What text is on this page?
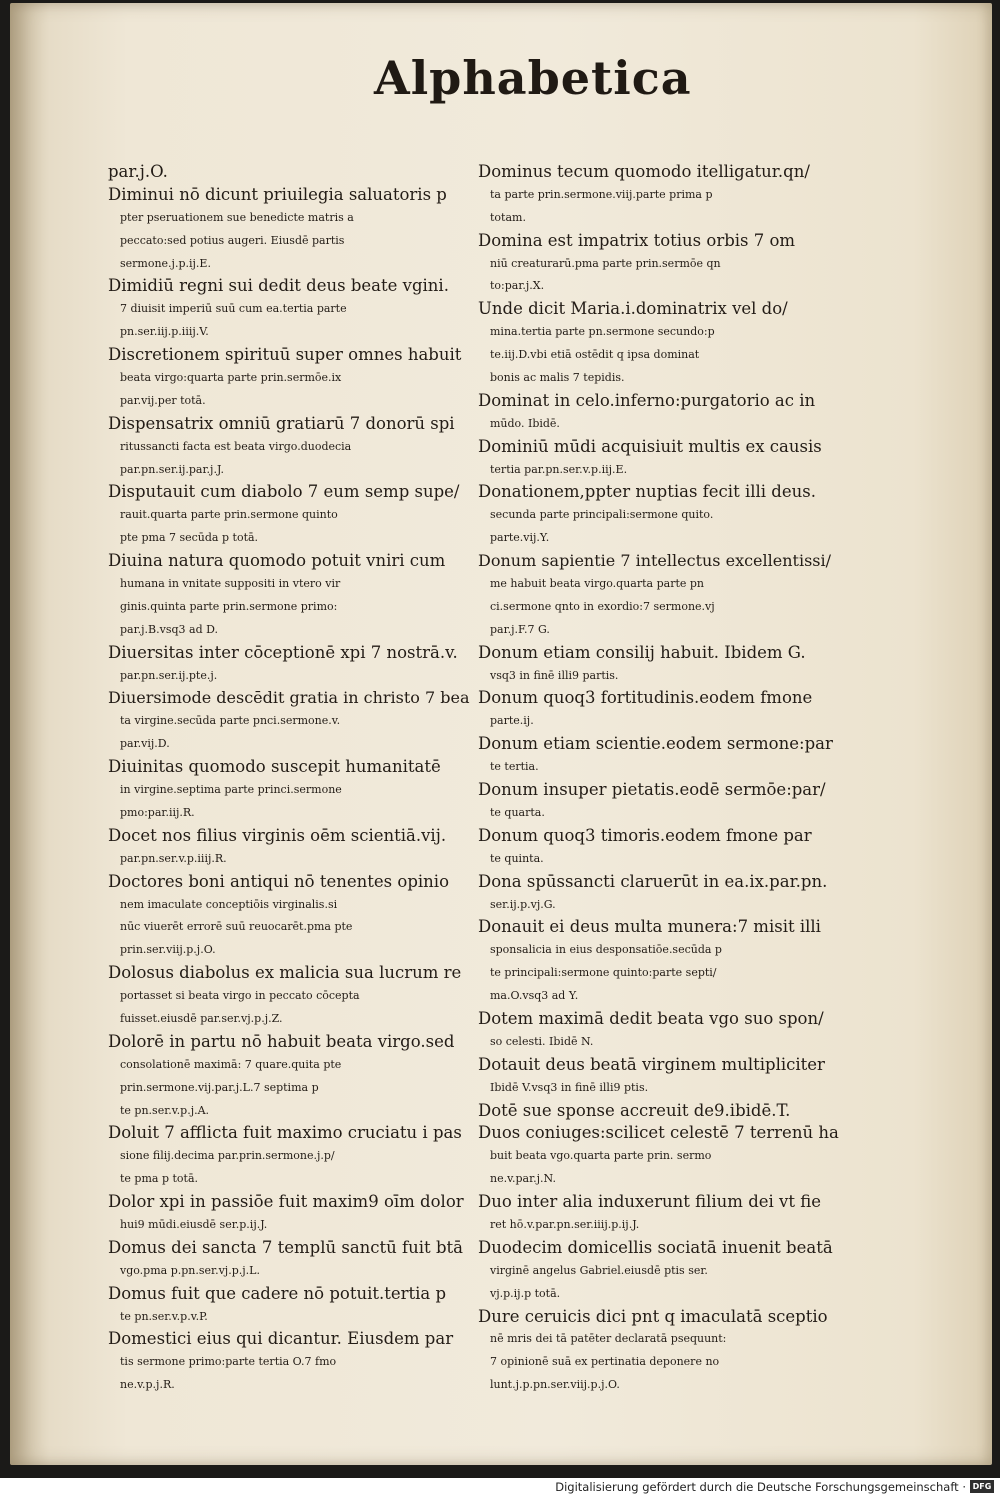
Alphabetica
par.j.O.
Diminui nō dicunt priuilegia saluatoris p
pter pseruationem sue benedicte matris a
peccato:sed potius augeri. Eiusdē partis
sermone.j.p.ij.E.
Dimidiū regni sui dedit deus beate vgini.
7 diuisit imperiū suū cum ea.tertia parte
pn.ser.iij.p.iiij.V.
Discretionem spirituū super omnes habuit
beata virgo:quarta parte prin.sermōe.ix
par.vij.per totā.
Dispensatrix omniū gratiarū 7 donorū spi
ritussancti facta est beata virgo.duodecia
par.pn.ser.ij.par.j.J.
Disputauit cum diabolo 7 eum semp supe/
rauit.quarta parte prin.sermone quinto
pte pma 7 secūda p totā.
Diuina natura quomodo potuit vniri cum
humana in vnitate suppositi in vtero vir
ginis.quinta parte prin.sermone primo:
par.j.B.vsq3 ad D.
Diuersitas inter cōceptionē xpi 7 nostrā.v.
par.pn.ser.ij.pte.j.
Diuersimode descēdit gratia in christo 7 bea
ta virgine.secūda parte pnci.sermone.v.
par.vij.D.
Diuinitas quomodo suscepit humanitatē
in virgine.septima parte princi.sermone
pmo:par.iij.R.
Docet nos filius virginis oēm scientiā.vij.
par.pn.ser.v.p.iiij.R.
Doctores boni antiqui nō tenentes opinio
nem imaculate conceptiōis virginalis.si
nūc viuerēt errorē suū reuocarēt.pma pte
prin.ser.viij.p.j.O.
Dolosus diabolus ex malicia sua lucrum re
portasset si beata virgo in peccato cōcepta
fuisset.eiusdē par.ser.vj.p.j.Z.
Dolorē in partu nō habuit beata virgo.sed
consolationē maximā: 7 quare.quita pte
prin.sermone.vij.par.j.L.7 septima p
te pn.ser.v.p.j.A.
Doluit 7 afflicta fuit maximo cruciatu i pas
sione filij.decima par.prin.sermone.j.p/
te pma p totā.
Dolor xpi in passiōe fuit maxim9 oīm dolor
hui9 mūdi.eiusdē ser.p.ij.J.
Domus dei sancta 7 templū sanctū fuit btā
vgo.pma p.pn.ser.vj.p.j.L.
Domus fuit que cadere nō potuit.tertia p
te pn.ser.v.p.v.P.
Domestici eius qui dicantur. Eiusdem par
tis sermone primo:parte tertia O.7 fmo
ne.v.p.j.R.
Dominus tecum quomodo itelligatur.qn/
ta parte prin.sermone.viij.parte prima p
totam.
Domina est impatrix totius orbis 7 om
niū creaturarū.pma parte prin.sermōe qn
to:par.j.X.
Unde dicit Maria.i.dominatrix vel do/
mina.tertia parte pn.sermone secundo:p
te.iij.D.vbi etiā ostēdit q ipsa dominat
bonis ac malis 7 tepidis.
Dominat in celo.inferno:purgatorio ac in
mūdo. Ibidē.
Dominiū mūdi acquisiuit multis ex causis
tertia par.pn.ser.v.p.iij.E.
Donationem,ppter nuptias fecit illi deus.
secunda parte principali:sermone quito.
parte.vij.Y.
Donum sapientie 7 intellectus excellentissi/
me habuit beata virgo.quarta parte pn
ci.sermone qnto in exordio:7 sermone.vj
par.j.F.7 G.
Donum etiam consilij habuit. Ibidem G.
vsq3 in finē illi9 partis.
Donum quoq3 fortitudinis.eodem fmone
parte.ij.
Donum etiam scientie.eodem sermone:par
te tertia.
Donum insuper pietatis.eodē sermōe:par/
te quarta.
Donum quoq3 timoris.eodem fmone par
te quinta.
Dona spūssancti claruerūt in ea.ix.par.pn.
ser.ij.p.vj.G.
Donauit ei deus multa munera:7 misit illi
sponsalicia in eius desponsatiōe.secūda p
te principali:sermone quinto:parte septi/
ma.O.vsq3 ad Y.
Dotem maximā dedit beata vgo suo spon/
so celesti. Ibidē N.
Dotauit deus beatā virginem multipliciter
Ibidē V.vsq3 in finē illi9 ptis.
Dotē sue sponse accreuit de9.ibidē.T.
Duos coniuges:scilicet celestē 7 terrenū ha
buit beata vgo.quarta parte prin. sermo
ne.v.par.j.N.
Duo inter alia induxerunt filium dei vt fie
ret hō.v.par.pn.ser.iiij.p.ij.J.
Duodecim domicellis sociatā inuenit beatā
virginē angelus Gabriel.eiusdē ptis ser.
vj.p.ij.p totā.
Dure ceruicis dici pnt q imaculatā sceptio
nē mris dei tā patēter declaratā psequunt:
7 opinionē suā ex pertinatia deponere no
lunt.j.p.pn.ser.viij.p.j.O.
Digitalisierung gefördert durch die Deutsche Forschungsgemeinschaft · DFG
